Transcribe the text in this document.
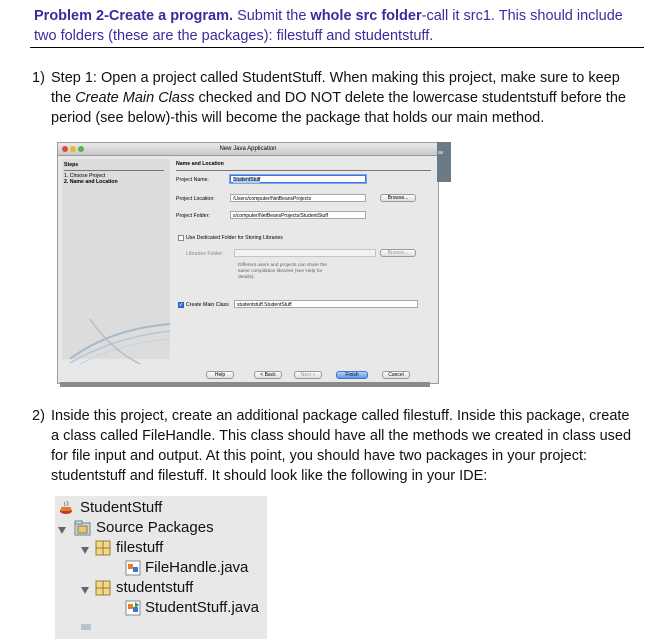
Problem 2-Create a program. Submit the whole src folder-call it src1. This should include two folders (these are the packages): filestuff and studentstuff.
1) Step 1: Open a project called StudentStuff. When making this project, make sure to keep
the Create Main Class checked and DO NOT delete the lowercase studentstuff before the
period (see below)-this will become the package that holds our main method.
New Java Application
Steps
1. Choose Project
2. Name and Location
Name and Location
Project Name:	StudentStuff
Project Location:	/Users/computer/NetBeansProjects	Browse...
Project Folder:	s/computer/NetBeansProjects/StudentStuff
Use Dedicated Folder for Storing Libraries
Libraries Folder:	Browse...
Different users and projects can share the
same compilation libraries (see Help for
details).
✓ Create Main Class	studentstuff.StudentStuff
Help	< Back	Next >	Finish	Cancel
av
2) Inside this project, create an additional package called filestuff. Inside this package, create
a class called FileHandle. This class should have all the methods we created in class used
for file input and output. At this point, you should have two packages in your project:
studentstuff and filestuff. It should look like the following in your IDE:
StudentStuff
Source Packages
filestuff
FileHandle.java
studentstuff
StudentStuff.java
